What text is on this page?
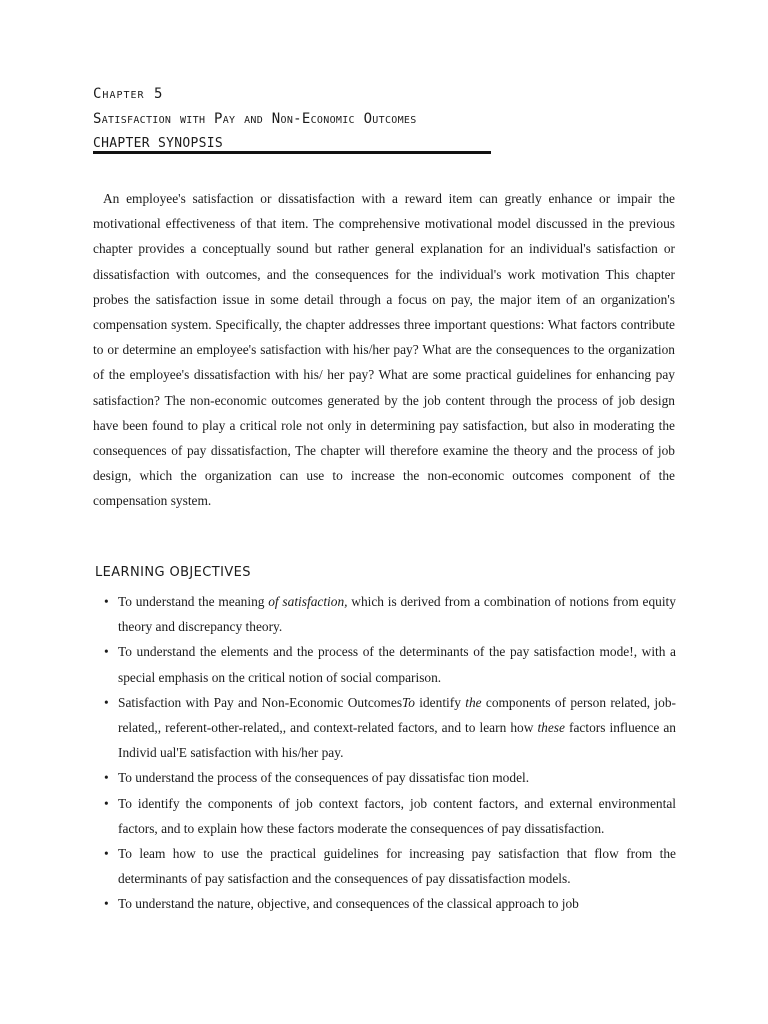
Chapter 5
Satisfaction with Pay and Non-Economic Outcomes
CHAPTER SYNOPSIS

An employee's satisfaction or dissatisfaction with a reward item can greatly enhance or impair the motivational effectiveness of that item. The comprehensive motivational model discussed in the previous chapter provides a conceptually sound but rather general explanation for an individual's satisfaction or dissatisfaction with outcomes, and the consequences for the individual's work motivation This chapter probes the satisfaction issue in some detail through a focus on pay, the major item of an organization's compensation system. Specifically, the chapter addresses three important questions: What factors contribute to or determine an employee's satisfaction with his/her pay? What are the consequences to the organization of the employee's dissatisfaction with his/ her pay? What are some practical guidelines for enhancing pay satisfaction? The non-economic outcomes generated by the job content through the process of job design have been found to play a critical role not only in determining pay satisfaction, but also in moderating the consequences of pay dissatisfaction, The chapter will therefore examine the theory and the process of job design, which the organization can use to increase the non-economic outcomes component of the compensation system.

LEARNING OBJECTIVES
• To understand the meaning of satisfaction, which is derived from a combination of notions from equity theory and discrepancy theory.
• To understand the elements and the process of the determinants of the pay satisfaction mode!, with a special emphasis on the critical notion of social comparison.
• Satisfaction with Pay and Non-Economic OutcomesTo identify the components of person related, job-related,, referent-other-related,, and context-related factors, and to learn how these factors influence an Individ ual'E satisfaction with his/her pay.
• To understand the process of the consequences of pay dissatisfac tion model.
• To identify the components of job context factors, job content factors, and external environmental factors, and to explain how these factors moderate the consequences of pay dissatisfaction.
• To leam how to use the practical guidelines for increasing pay satisfaction that flow from the determinants of pay satisfaction and the consequences of pay dissatisfaction models.
• To understand the nature, objective, and consequences of the classical approach to job
